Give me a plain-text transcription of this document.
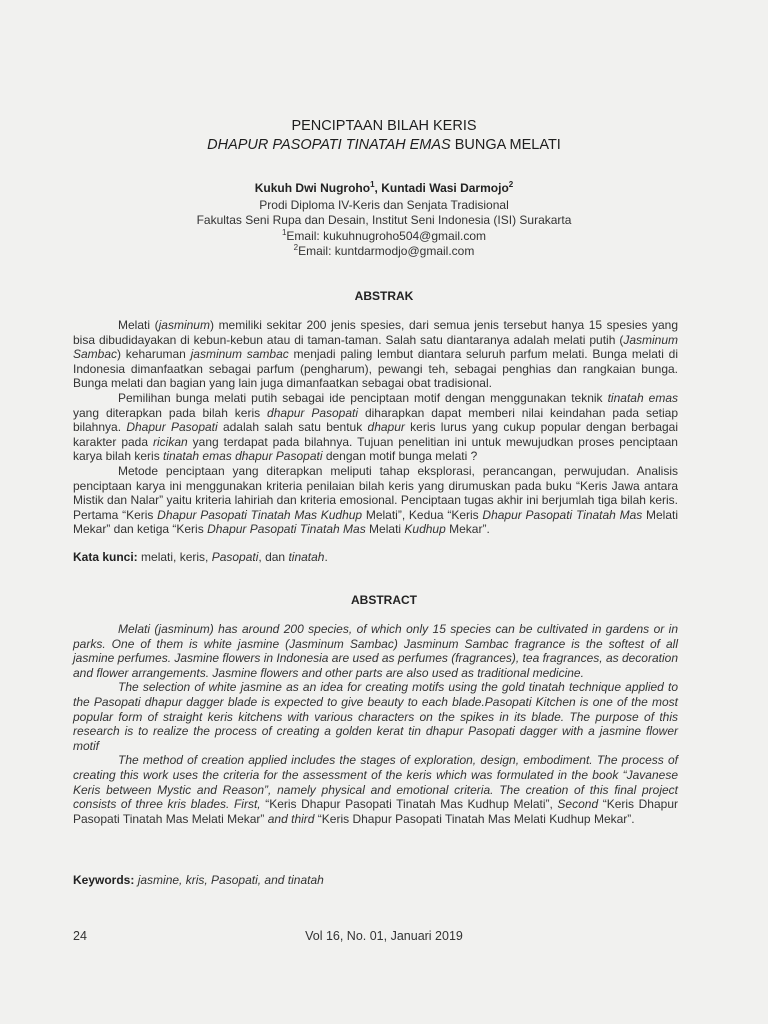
PENCIPTAAN BILAH KERIS
DHAPUR PASOPATI TINATAH EMAS BUNGA MELATI
Kukuh Dwi Nugroho$^1$, Kuntadi Wasi Darmojo$^2$
Prodi Diploma IV-Keris dan Senjata Tradisional
Fakultas Seni Rupa dan Desain, Institut Seni Indonesia (ISI) Surakarta
$^1$Email: kukuhnugroho504@gmail.com
$^2$Email: kuntdarmodjo@gmail.com
ABSTRAK

Melati (jasminum) memiliki sekitar 200 jenis spesies, dari semua jenis tersebut hanya 15 spesies yang bisa dibudidayakan di kebun-kebun atau di taman-taman. Salah satu diantaranya adalah melati putih (Jasminum Sambac) keharuman jasminum sambac menjadi paling lembut diantara seluruh parfum melati. Bunga melati di Indonesia dimanfaatkan sebagai parfum (pengharum), pewangi teh, sebagai penghias dan rangkaian bunga. Bunga melati dan bagian yang lain juga dimanfaatkan sebagai obat tradisional.

Pemilihan bunga melati putih sebagai ide penciptaan motif dengan menggunakan teknik tinatah emas yang diterapkan pada bilah keris dhapur Pasopati diharapkan dapat memberi nilai keindahan pada setiap bilahnya. Dhapur Pasopati adalah salah satu bentuk dhapur keris lurus yang cukup popular dengan berbagai karakter pada ricikan yang terdapat pada bilahnya. Tujuan penelitian ini untuk mewujudkan proses penciptaan karya bilah keris tinatah emas dhapur Pasopati dengan motif bunga melati ?

Metode penciptaan yang diterapkan meliputi tahap eksplorasi, perancangan, perwujudan. Analisis penciptaan karya ini menggunakan kriteria penilaian bilah keris yang dirumuskan pada buku “Keris Jawa antara Mistik dan Nalar” yaitu kriteria lahiriah dan kriteria emosional. Penciptaan tugas akhir ini berjumlah tiga bilah keris. Pertama “Keris Dhapur Pasopati Tinatah Mas Kudhup Melati”, Kedua “Keris Dhapur Pasopati Tinatah Mas Melati Mekar” dan ketiga “Keris Dhapur Pasopati Tinatah Mas Melati Kudhup Mekar”.

Kata kunci: melati, keris, Pasopati, dan tinatah.
ABSTRACT

Melati (jasminum) has around 200 species, of which only 15 species can be cultivated in gardens or in parks. One of them is white jasmine (Jasminum Sambac) Jasminum Sambac fragrance is the softest of all jasmine perfumes. Jasmine flowers in Indonesia are used as perfumes (fragrances), tea fragrances, as decoration and flower arrangements. Jasmine flowers and other parts are also used as traditional medicine.

The selection of white jasmine as an idea for creating motifs using the gold tinatah technique applied to the Pasopati dhapur dagger blade is expected to give beauty to each blade.Pasopati Kitchen is one of the most popular form of straight keris kitchens with various characters on the spikes in its blade. The purpose of this research is to realize the process of creating a golden kerat tin dhapur Pasopati dagger with a jasmine flower motif

The method of creation applied includes the stages of exploration, design, embodiment. The process of creating this work uses the criteria for the assessment of the keris which was formulated in the book “Javanese Keris between Mystic and Reason”, namely physical and emotional criteria. The creation of this final project consists of three kris blades. First, “Keris Dhapur Pasopati Tinatah Mas Kudhup Melati”, Second “Keris Dhapur Pasopati Tinatah Mas Melati Mekar” and third “Keris Dhapur Pasopati Tinatah Mas Melati Kudhup Mekar”.

Keywords: jasmine, kris, Pasopati, and tinatah
Vol 16, No. 01, Januari 2019
24
